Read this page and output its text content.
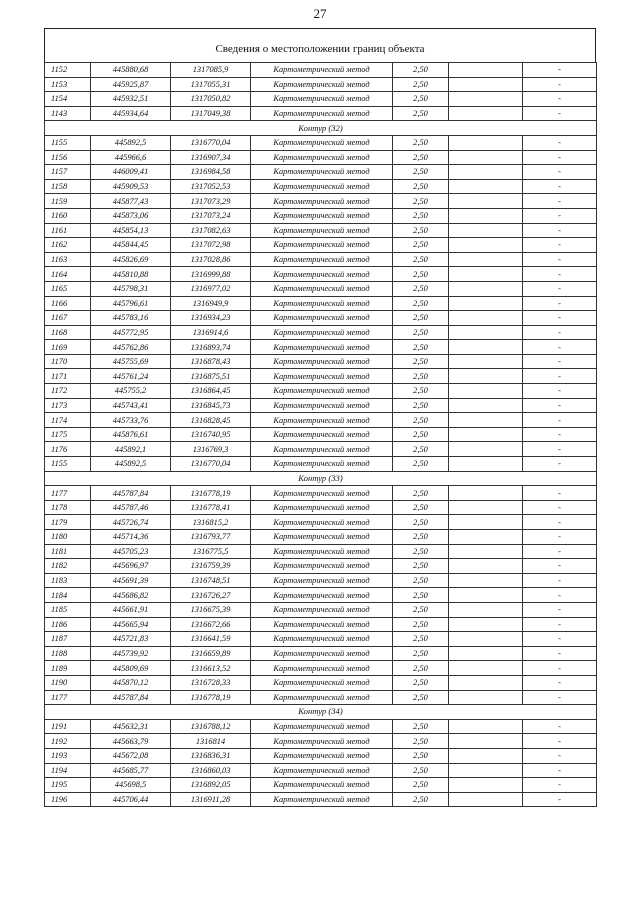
27
Сведения о местоположении границ объекта
1152	445880,68	1317085,9	Картометрический метод	2,50		-
1153	445925,87	1317055,31	Картометрический метод	2,50		-
1154	445932,51	1317050,82	Картометрический метод	2,50		-
1143	445934,64	1317049,38	Картометрический метод	2,50		-
Контур (32)						
1155	445892,5	1316770,04	Картометрический метод	2,50		-
1156	445966,6	1316907,34	Картометрический метод	2,50		-
1157	446009,41	1316984,58	Картометрический метод	2,50		-
1158	445909,53	1317052,53	Картометрический метод	2,50		-
1159	445877,43	1317073,29	Картометрический метод	2,50		-
1160	445873,06	1317073,24	Картометрический метод	2,50		-
1161	445854,13	1317082,63	Картометрический метод	2,50		-
1162	445844,45	1317072,98	Картометрический метод	2,50		-
1163	445826,69	1317028,86	Картометрический метод	2,50		-
1164	445810,88	1316999,88	Картометрический метод	2,50		-
1165	445798,31	1316977,02	Картометрический метод	2,50		-
1166	445796,61	1316949,9	Картометрический метод	2,50		-
1167	445783,16	1316934,23	Картометрический метод	2,50		-
1168	445772,95	1316914,6	Картометрический метод	2,50		-
1169	445762,86	1316893,74	Картометрический метод	2,50		-
1170	445755,69	1316878,43	Картометрический метод	2,50		-
1171	445761,24	1316875,51	Картометрический метод	2,50		-
1172	445755,2	1316864,45	Картометрический метод	2,50		-
1173	445743,41	1316845,73	Картометрический метод	2,50		-
1174	445733,76	1316828,45	Картометрический метод	2,50		-
1175	445876,61	1316740,95	Картометрический метод	2,50		-
1176	445892,1	1316769,3	Картометрический метод	2,50		-
1155	445892,5	1316770,04	Картометрический метод	2,50		-
Контур (33)						
1177	445787,84	1316778,19	Картометрический метод	2,50		-
1178	445787,46	1316778,41	Картометрический метод	2,50		-
1179	445726,74	1316815,2	Картометрический метод	2,50		-
1180	445714,36	1316793,77	Картометрический метод	2,50		-
1181	445705,23	1316775,5	Картометрический метод	2,50		-
1182	445696,97	1316759,39	Картометрический метод	2,50		-
1183	445691,39	1316748,51	Картометрический метод	2,50		-
1184	445686,82	1316726,27	Картометрический метод	2,50		-
1185	445661,91	1316675,39	Картометрический метод	2,50		-
1186	445665,94	1316672,66	Картометрический метод	2,50		-
1187	445721,83	1316641,59	Картометрический метод	2,50		-
1188	445739,92	1316659,89	Картометрический метод	2,50		-
1189	445809,69	1316613,52	Картометрический метод	2,50		-
1190	445870,12	1316728,33	Картометрический метод	2,50		-
1177	445787,84	1316778,19	Картометрический метод	2,50		-
Контур (34)						
1191	445632,31	1316788,12	Картометрический метод	2,50		-
1192	445663,79	1316814	Картометрический метод	2,50		-
1193	445672,08	1316836,31	Картометрический метод	2,50		-
1194	445685,77	1316860,03	Картометрический метод	2,50		-
1195	445698,5	1316892,05	Картометрический метод	2,50		-
1196	445706,44	1316911,28	Картометрический метод	2,50		-
